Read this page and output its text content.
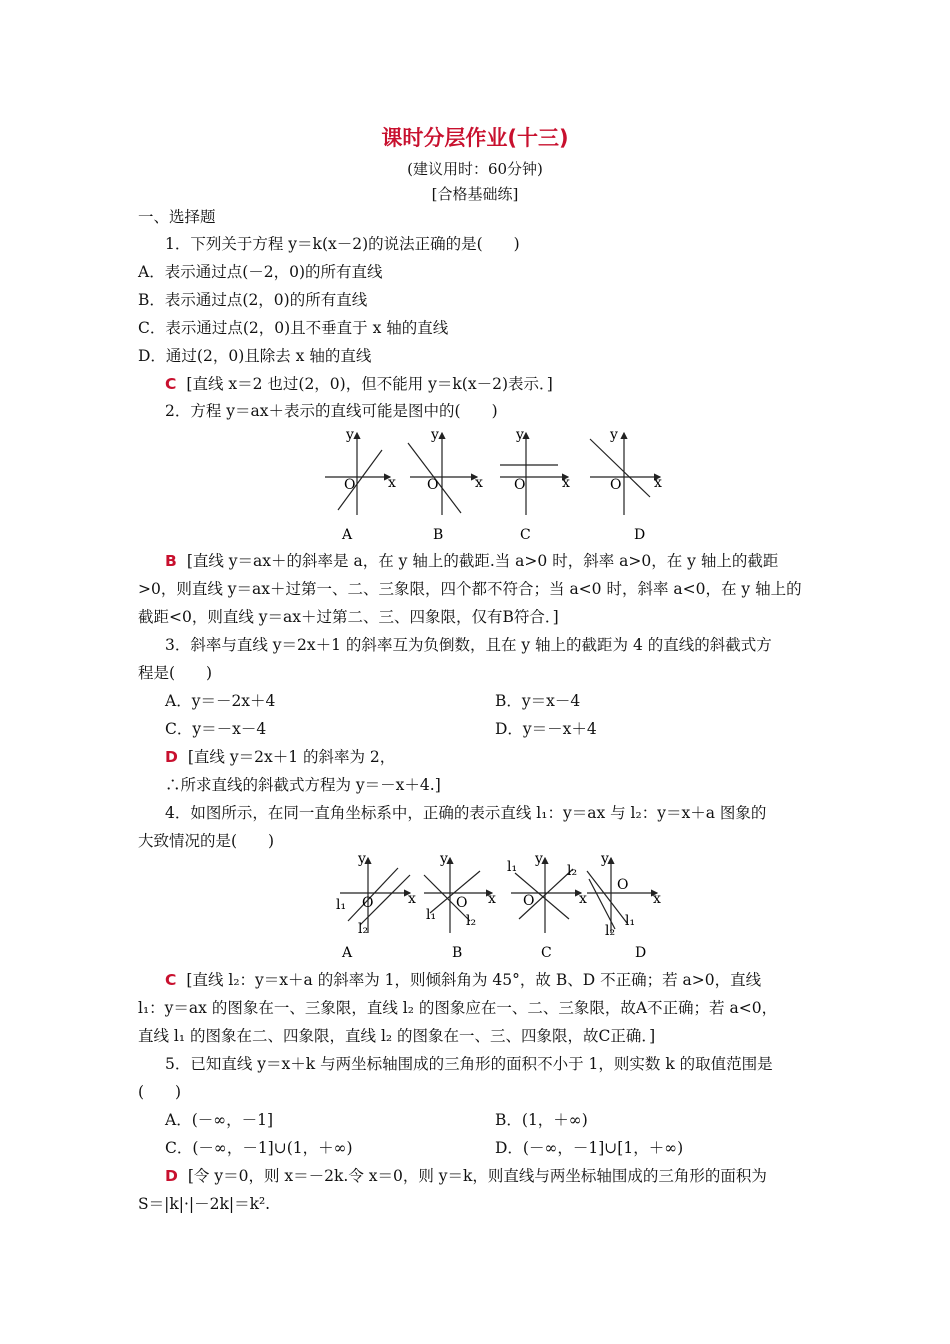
课时分层作业(十三)
(建议用时：60分钟)
[合格基础练]
一、选择题
1．下列关于方程 y＝k(x－2)的说法正确的是(　　)
A．表示通过点(－2，0)的所有直线
B．表示通过点(2，0)的所有直线
C．表示通过点(2，0)且不垂直于 x 轴的直线
D．通过(2，0)且除去 x 轴的直线
C [直线 x＝2 也过(2，0)，但不能用 y＝k(x－2)表示．]
2．方程 y＝ax＋表示的直线可能是图中的(　　)
y
x
O
A
y
x
O
B
y
x
O
C
y
x
O
D
B [直线 y＝ax＋的斜率是 a，在 y 轴上的截距.当 a>0 时，斜率 a>0，在 y 轴上的截距
>0，则直线 y＝ax＋过第一、二、三象限，四个都不符合；当 a<0 时，斜率 a<0，在 y 轴上的
截距<0，则直线 y＝ax＋过第二、三、四象限，仅有B符合．]
3．斜率与直线 y＝2x＋1 的斜率互为负倒数，且在 y 轴上的截距为 4 的直线的斜截式方
程是(　　)
A．y＝－2x＋4	B．y＝x－4
C．y＝－x－4	D．y＝－x＋4
D [直线 y＝2x＋1 的斜率为 2，
∴所求直线的斜截式方程为 y＝－x＋4.]
4．如图所示，在同一直角坐标系中，正确的表示直线 l₁：y＝ax 与 l₂：y＝x＋a 图象的
大致情况的是(　　)
y
x
O
l₁
l₂
A
y
x
O
l₁ l₂
B
y
x
O
l₁	l₂
C
y
x
O
l₁
l₂
D
C [直线 l₂：y＝x＋a 的斜率为 1，则倾斜角为 45°，故 B、D 不正确；若 a>0，直线
l₁：y＝ax 的图象在一、三象限，直线 l₂ 的图象应在一、二、三象限，故A不正确；若 a<0，
直线 l₁ 的图象在二、四象限，直线 l₂ 的图象在一、三、四象限，故C正确．]
5．已知直线 y＝x＋k 与两坐标轴围成的三角形的面积不小于 1，则实数 k 的取值范围是
(　　)
A．(－∞，－1]	B．(1，＋∞)
C．(－∞，－1]∪(1，＋∞)	D．(－∞，－1]∪[1，＋∞)
D [令 y＝0，则 x＝－2k.令 x＝0，则 y＝k，则直线与两坐标轴围成的三角形的面积为
S＝|k|·|－2k|＝k².
